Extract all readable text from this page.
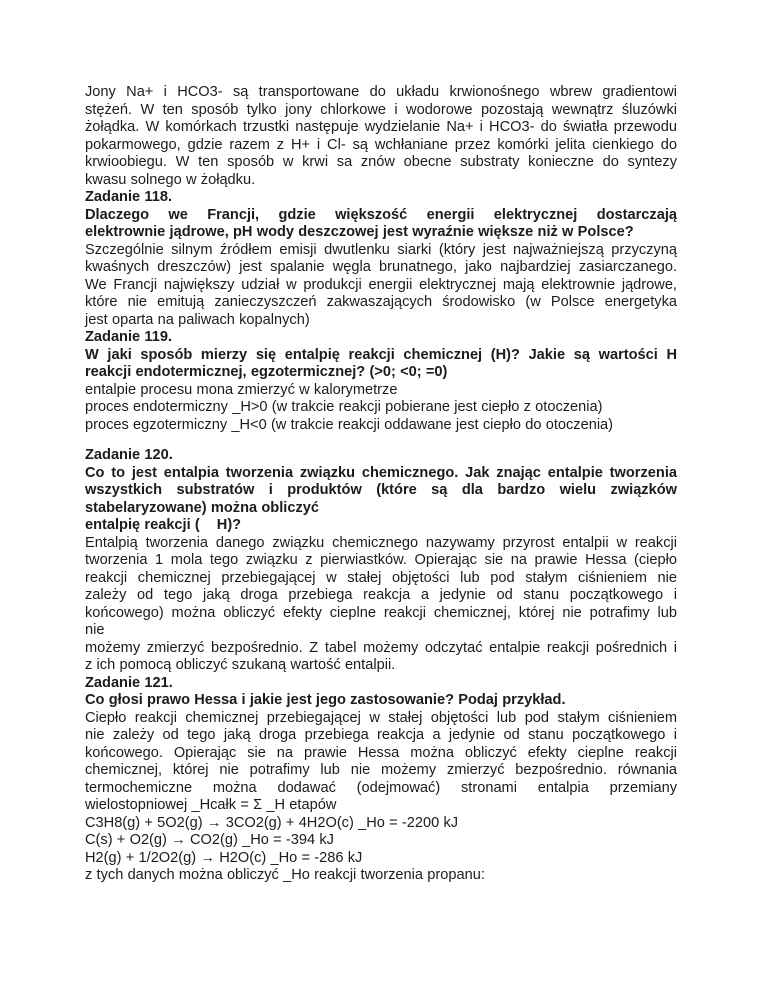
Jony Na+ i HCO3- są transportowane do układu krwionośnego wbrew gradientowi
stężeń. W ten sposób tylko jony chlorkowe i wodorowe pozostają wewnątrz śluzówki
żołądka. W komórkach trzustki następuje wydzielanie Na+ i HCO3- do światła przewodu
pokarmowego, gdzie razem z H+ i Cl- są wchłaniane przez komórki jelita cienkiego do
krwioobiegu. W ten sposób w krwi sa znów obecne substraty konieczne do syntezy
kwasu solnego w żołądku.
Zadanie 118.
Dlaczego we Francji, gdzie większość energii elektrycznej dostarczają
elektrownie jądrowe, pH wody deszczowej jest wyraźnie większe niż w Polsce?
Szczególnie silnym źródłem emisji dwutlenku siarki (który jest najważniejszą przyczyną
kwaśnych dreszczów) jest spalanie węgla brunatnego, jako najbardziej zasiarczanego.
We Francji największy udział w produkcji energii elektrycznej mają elektrownie jądrowe,
które nie emitują zanieczyszczeń zakwaszających środowisko (w Polsce energetyka
jest oparta na paliwach kopalnych)
Zadanie 119.
W jaki sposób mierzy się entalpię reakcji chemicznej (H)? Jakie są wartości H
reakcji endotermicznej, egzotermicznej? (>0; <0; =0)
entalpie procesu mona zmierzyć w kalorymetrze
proces endotermiczny _H>0 (w trakcie reakcji pobierane jest ciepło z otoczenia)
proces egzotermiczny _H<0 (w trakcie reakcji oddawane jest ciepło do otoczenia)
Zadanie 120.
Co to jest entalpia tworzenia związku chemicznego. Jak znając entalpie tworzenia
wszystkich substratów i produktów (które są dla bardzo wielu związków
stabelaryzowane) można obliczyć
entalpię reakcji (    H)?
Entalpią tworzenia danego związku chemicznego nazywamy przyrost entalpii w reakcji
tworzenia 1 mola tego związku z pierwiastków. Opierając sie na prawie Hessa (ciepło
reakcji chemicznej przebiegającej w stałej objętości lub pod stałym ciśnieniem nie
zależy od tego jaką droga przebiega reakcja a jedynie od stanu początkowego i
końcowego) można obliczyć efekty cieplne reakcji chemicznej, której nie potrafimy lub
nie
możemy zmierzyć bezpośrednio. Z tabel możemy odczytać entalpie reakcji pośrednich i
z ich pomocą obliczyć szukaną wartość entalpii.
Zadanie 121.
Co głosi prawo Hessa i jakie jest jego zastosowanie? Podaj przykład.
Ciepło reakcji chemicznej przebiegającej w stałej objętości lub pod stałym ciśnieniem
nie zależy od tego jaką droga przebiega reakcja a jedynie od stanu początkowego i
końcowego. Opierając sie na prawie Hessa można obliczyć efekty cieplne reakcji
chemicznej, której nie potrafimy lub nie możemy zmierzyć bezpośrednio. równania
termochemiczne można dodawać (odejmować) stronami entalpia przemiany
wielostopniowej _Hcałk = Σ _H etapów
C3H8(g) + 5O2(g) → 3CO2(g) + 4H2O(c) _Ho = -2200 kJ
C(s) + O2(g) → CO2(g) _Ho = -394 kJ
H2(g) + 1/2O2(g) → H2O(c) _Ho = -286 kJ
z tych danych można obliczyć _Ho reakcji tworzenia propanu:
